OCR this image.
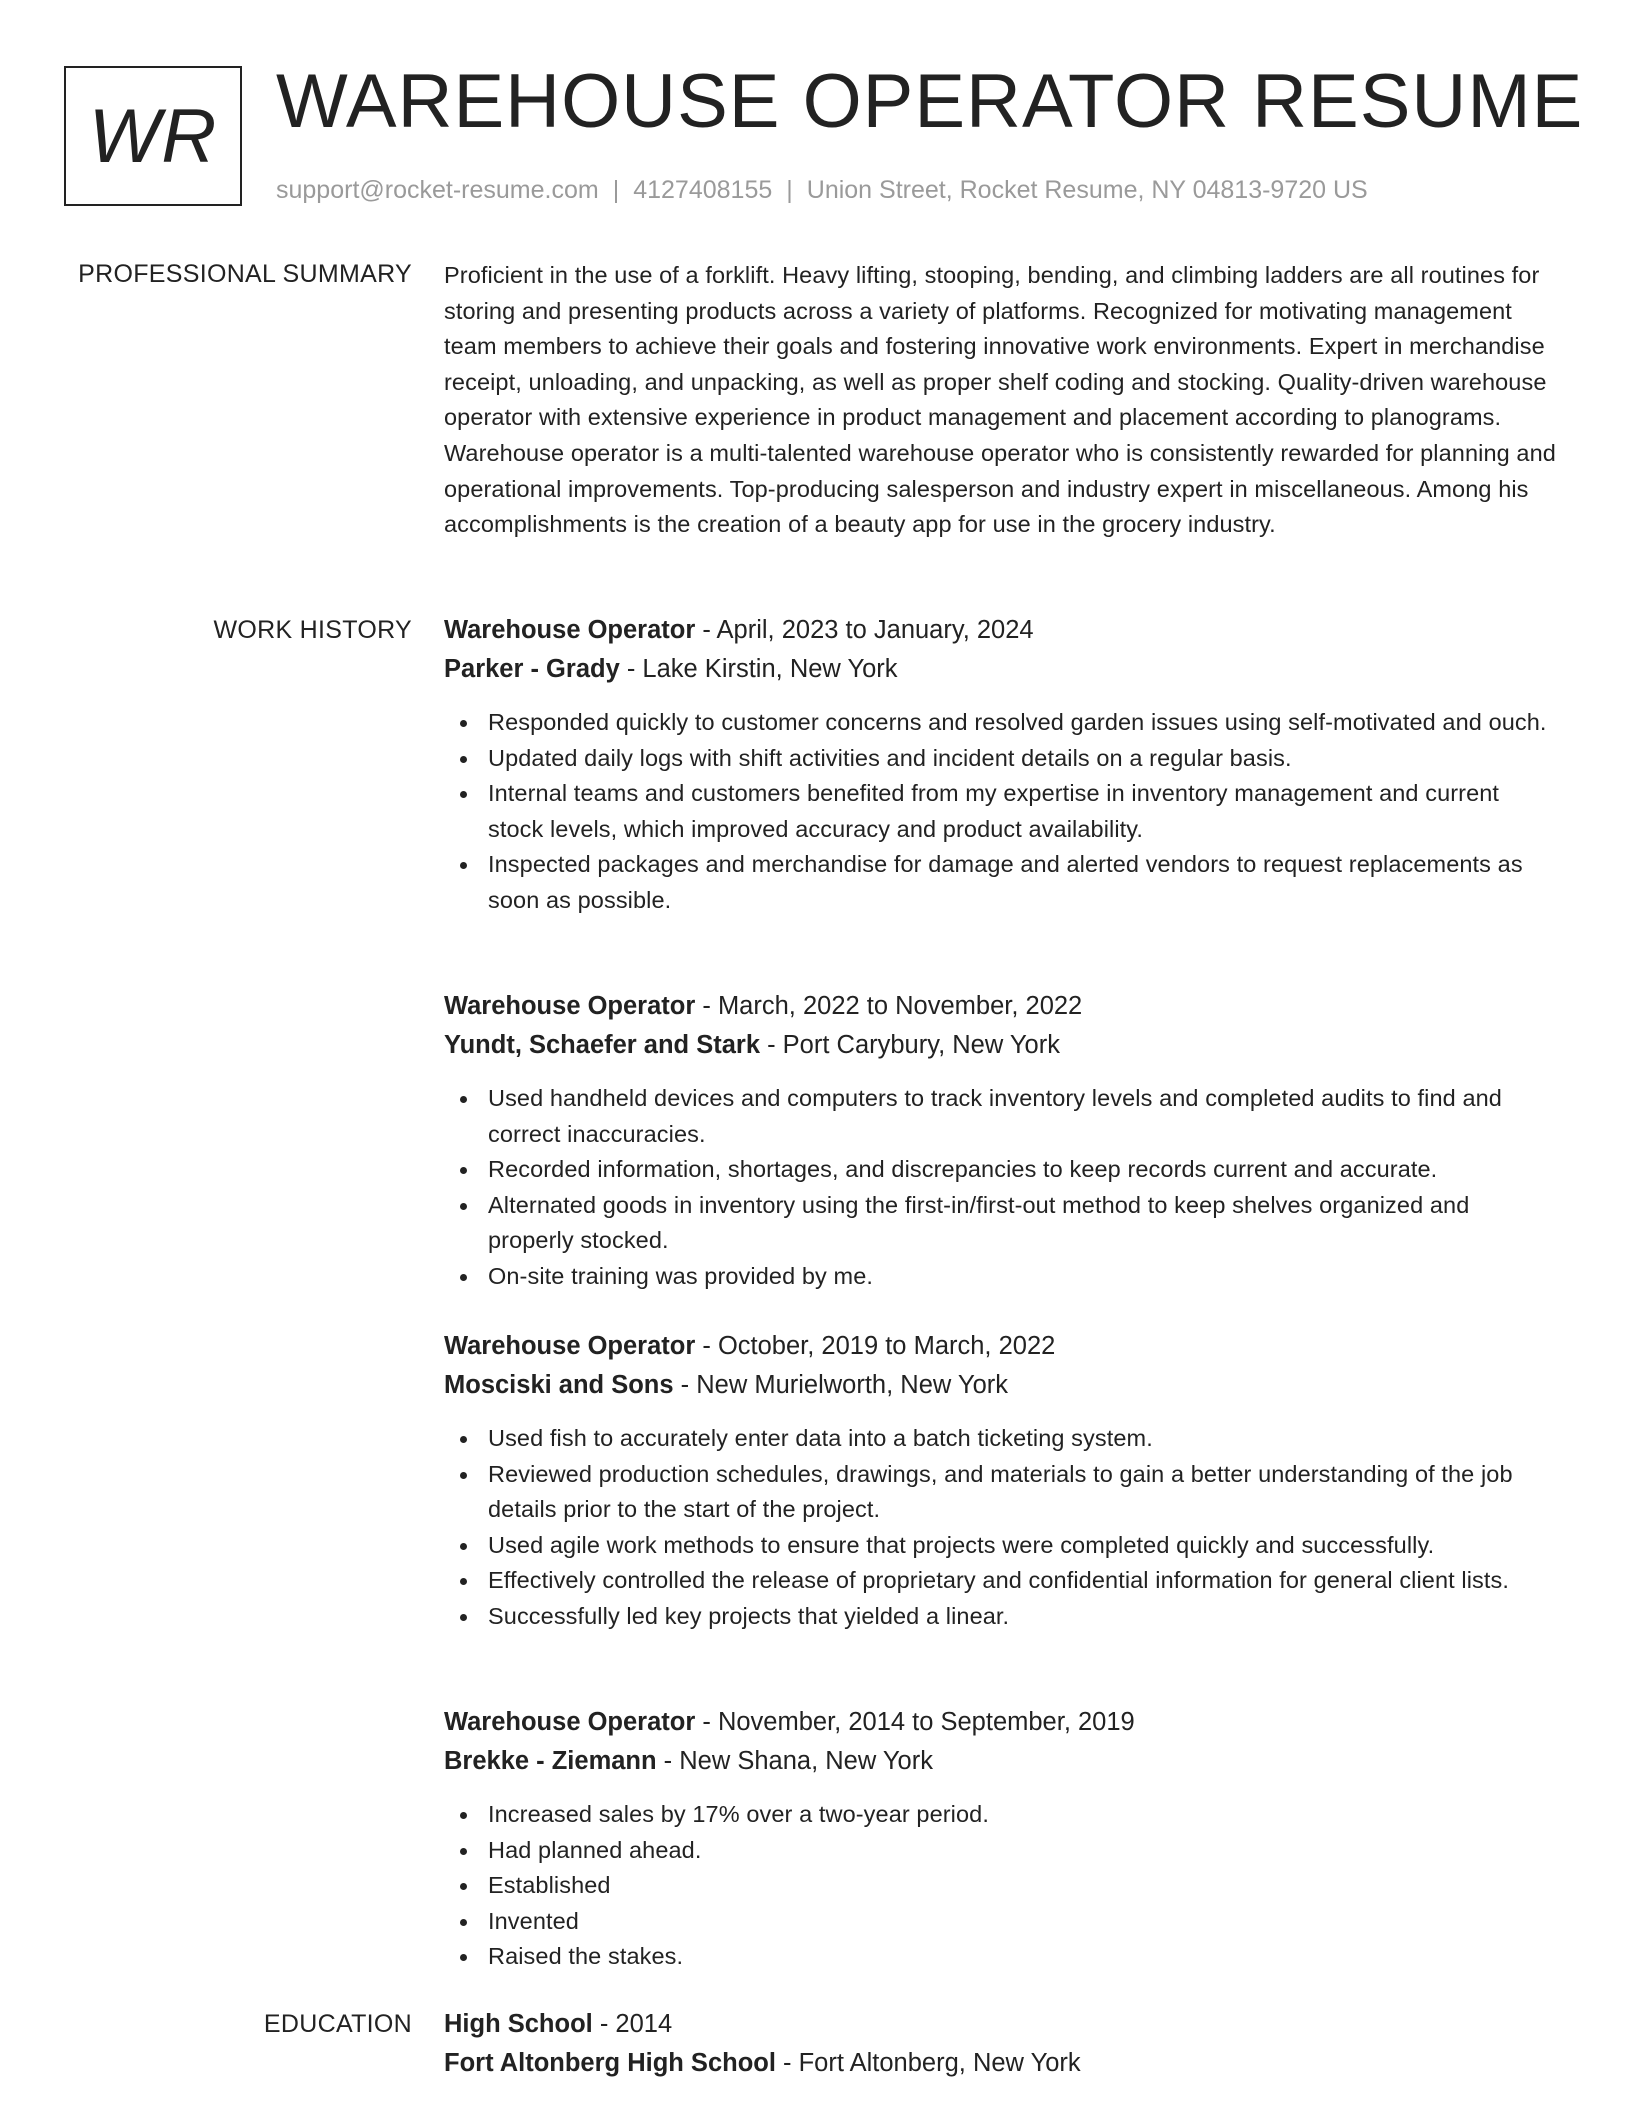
WR WAREHOUSE OPERATOR RESUME
support@rocket-resume.com | 4127408155 | Union Street, Rocket Resume, NY 04813-9720 US
PROFESSIONAL SUMMARY Proficient in the use of a forklift. Heavy lifting, stooping, bending, and climbing ladders are all routines for storing and presenting products across a variety of platforms. Recognized for motivating management team members to achieve their goals and fostering innovative work environments. Expert in merchandise receipt, unloading, and unpacking, as well as proper shelf coding and stocking. Quality-driven warehouse operator with extensive experience in product management and placement according to planograms. Warehouse operator is a multi-talented warehouse operator who is consistently rewarded for planning and operational improvements. Top-producing salesperson and industry expert in miscellaneous. Among his accomplishments is the creation of a beauty app for use in the grocery industry.

WORK HISTORY Warehouse Operator - April, 2023 to January, 2024
Parker - Grady - Lake Kirstin, New York
Responded quickly to customer concerns and resolved garden issues using self-motivated and ouch.
Updated daily logs with shift activities and incident details on a regular basis.
Internal teams and customers benefited from my expertise in inventory management and current stock levels, which improved accuracy and product availability.
Inspected packages and merchandise for damage and alerted vendors to request replacements as soon as possible.
Warehouse Operator - March, 2022 to November, 2022
Yundt, Schaefer and Stark - Port Carybury, New York
Used handheld devices and computers to track inventory levels and completed audits to find and correct inaccuracies.
Recorded information, shortages, and discrepancies to keep records current and accurate.
Alternated goods in inventory using the first-in/first-out method to keep shelves organized and properly stocked.
On-site training was provided by me.
Warehouse Operator - October, 2019 to March, 2022
Mosciski and Sons - New Murielworth, New York
Used fish to accurately enter data into a batch ticketing system.
Reviewed production schedules, drawings, and materials to gain a better understanding of the job details prior to the start of the project.
Used agile work methods to ensure that projects were completed quickly and successfully.
Effectively controlled the release of proprietary and confidential information for general client lists.
Successfully led key projects that yielded a linear.
Warehouse Operator - November, 2014 to September, 2019
Brekke - Ziemann - New Shana, New York
Increased sales by 17% over a two-year period.
Had planned ahead.
Established
Invented
Raised the stakes.
EDUCATION High School - 2014
Fort Altonberg High School - Fort Altonberg, New York
